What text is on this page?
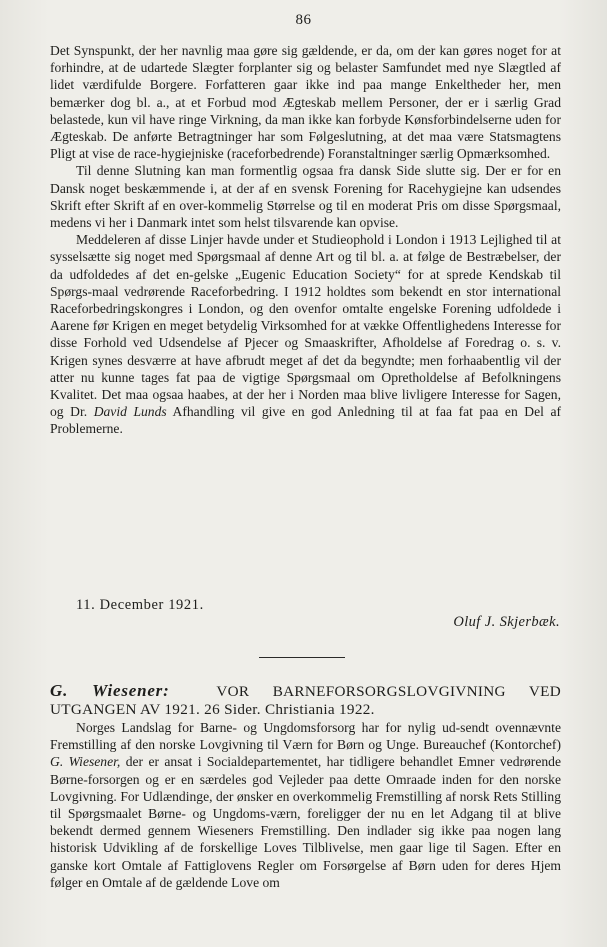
86

Det Synspunkt, der her navnlig maa gøre sig gældende, er da, om der kan gøres noget for at forhindre, at de udartede Slægter forplanter sig og belaster Samfundet med nye Slægtled af lidet værdifulde Borgere. Forfatteren gaar ikke ind paa mange Enkeltheder her, men bemærker dog bl. a., at et Forbud mod Ægteskab mellem Personer, der er i særlig Grad belastede, kun vil have ringe Virkning, da man ikke kan forbyde Kønsforbindelserne uden for Ægteskab. De anførte Betragtninger har som Følgeslutning, at det maa være Statsmagtens Pligt at vise de race-hygiejniske (raceforbedrende) Foranstaltninger særlig Opmærksomhed.

Til denne Slutning kan man formentlig ogsaa fra dansk Side slutte sig. Der er for en Dansk noget beskæmmende i, at der af en svensk Forening for Racehygiejne kan udsendes Skrift efter Skrift af en over-kommelig Størrelse og til en moderat Pris om disse Spørgsmaal, medens vi her i Danmark intet som helst tilsvarende kan opvise.

Meddeleren af disse Linjer havde under et Studieophold i London i 1913 Lejlighed til at sysselsætte sig noget med Spørgsmaal af denne Art og til bl. a. at følge de Bestræbelser, der da udfoldedes af det en-gelske „Eugenic Education Society“ for at sprede Kendskab til Spørgs-maal vedrørende Raceforbedring. I 1912 holdtes som bekendt en stor international Raceforbedringskongres i London, og den ovenfor omtalte engelske Forening udfoldede i Aarene før Krigen en meget betydelig Virksomhed for at vække Offentlighedens Interesse for disse Forhold ved Udsendelse af Pjecer og Smaaskrifter, Afholdelse af Foredrag o. s. v. Krigen synes desværre at have afbrudt meget af det da begyndte; men forhaabentlig vil der atter nu kunne tages fat paa de vigtige Spørgsmaal om Opretholdelse af Befolkningens Kvalitet. Det maa ogsaa haabes, at der her i Norden maa blive livligere Interesse for Sagen, og Dr. David Lunds Afhandling vil give en god Anledning til at faa fat paa en Del af Problemerne.

11. December 1921.
Oluf J. Skjerbæk.
G. Wiesener:	VOR BARNEFORSORGSLOVGIVNING VED
UTGANGEN AV 1921. 26 Sider. Christiania 1922.

Norges Landslag for Barne- og Ungdomsforsorg har for nylig ud-sendt ovennævnte Fremstilling af den norske Lovgivning til Værn for Børn og Unge. Bureauchef (Kontorchef) G. Wiesener, der er ansat i Socialdepartementet, har tidligere behandlet Emner vedrørende Børne-forsorgen og er en særdeles god Vejleder paa dette Omraade inden for den norske Lovgivning. For Udlændinge, der ønsker en overkommelig Fremstilling af norsk Rets Stilling til Spørgsmaalet Børne- og Ungdoms-værn, foreligger der nu en let Adgang til at blive bekendt dermed gennem Wieseners Fremstilling. Den indlader sig ikke paa nogen lang historisk Udvikling af de forskellige Loves Tilblivelse, men gaar lige til Sagen. Efter en ganske kort Omtale af Fattiglovens Regler om Forsørgelse af Børn uden for deres Hjem følger en Omtale af de gældende Love om
